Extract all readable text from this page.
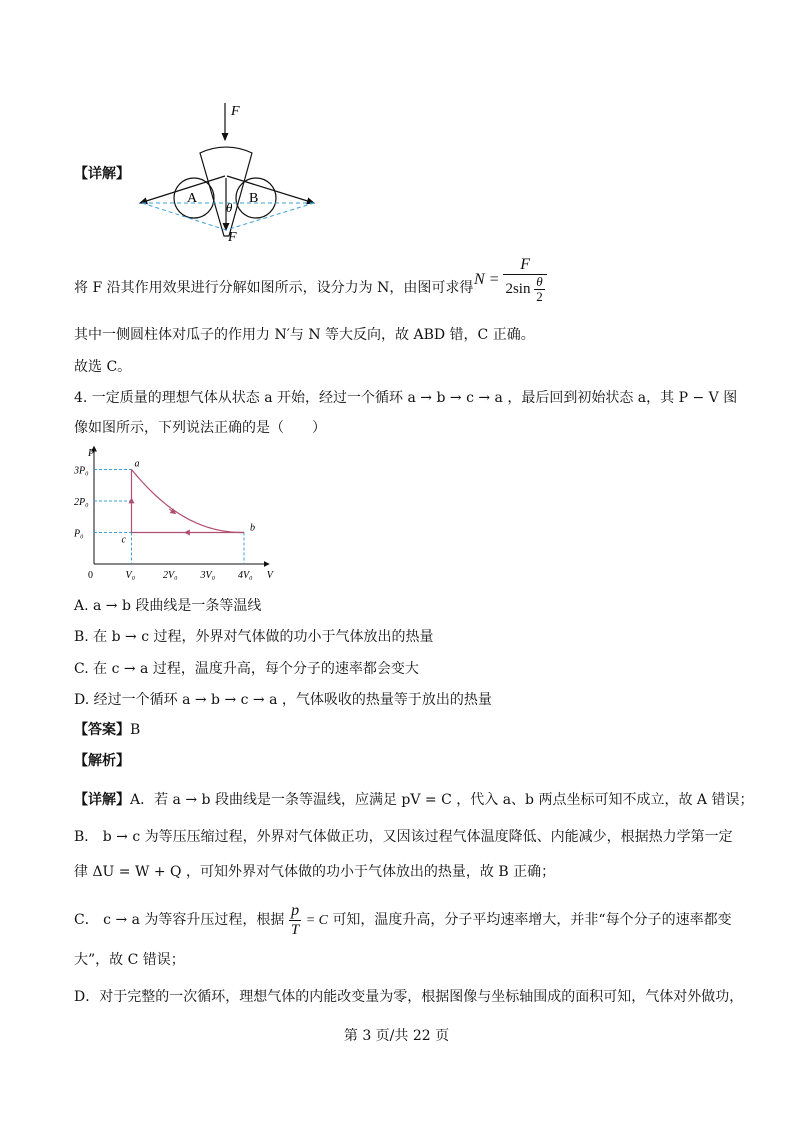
【详解】
F
A	B
θ
F
将 F 沿其作用效果进行分解如图所示，设分力为 N，由图可求得 $N = \frac{F}{2\sin \frac{\theta}{2}}$
其中一侧圆柱体对瓜子的作用力 N′与 N 等大反向，故 ABD 错，C 正确。
故选 C。
4. 一定质量的理想气体从状态 a 开始，经过一个循环 a → b → c → a ，最后回到初始状态 a，其 P − V 图
像如图所示，下列说法正确的是（　　）
P
V
0
3P₀
2P₀
P₀
V₀	2V₀ 3V₀ 4V₀
a
b
c
A. a → b 段曲线是一条等温线
B. 在 b → c 过程，外界对气体做的功小于气体放出的热量
C. 在 c → a 过程，温度升高，每个分子的速率都会变大
D. 经过一个循环 a → b → c → a ，气体吸收的热量等于放出的热量
【答案】B
【解析】
【详解】A．若 a → b 段曲线是一条等温线，应满足 pV = C ，代入 a、b 两点坐标可知不成立，故 A 错误；
B． b → c 为等压压缩过程，外界对气体做正功，又因该过程气体温度降低、内能减少，根据热力学第一定
律 ΔU = W + Q ，可知外界对气体做的功小于气体放出的热量，故 B 正确；
C． c → a 为等容升压过程，根据 $\frac{p}{T} = C$ 可知，温度升高，分子平均速率增大，并非“每个分子的速率都变
大”，故 C 错误；
D．对于完整的一次循环，理想气体的内能改变量为零，根据图像与坐标轴围成的面积可知，气体对外做功，
第 3 页/共 22 页
